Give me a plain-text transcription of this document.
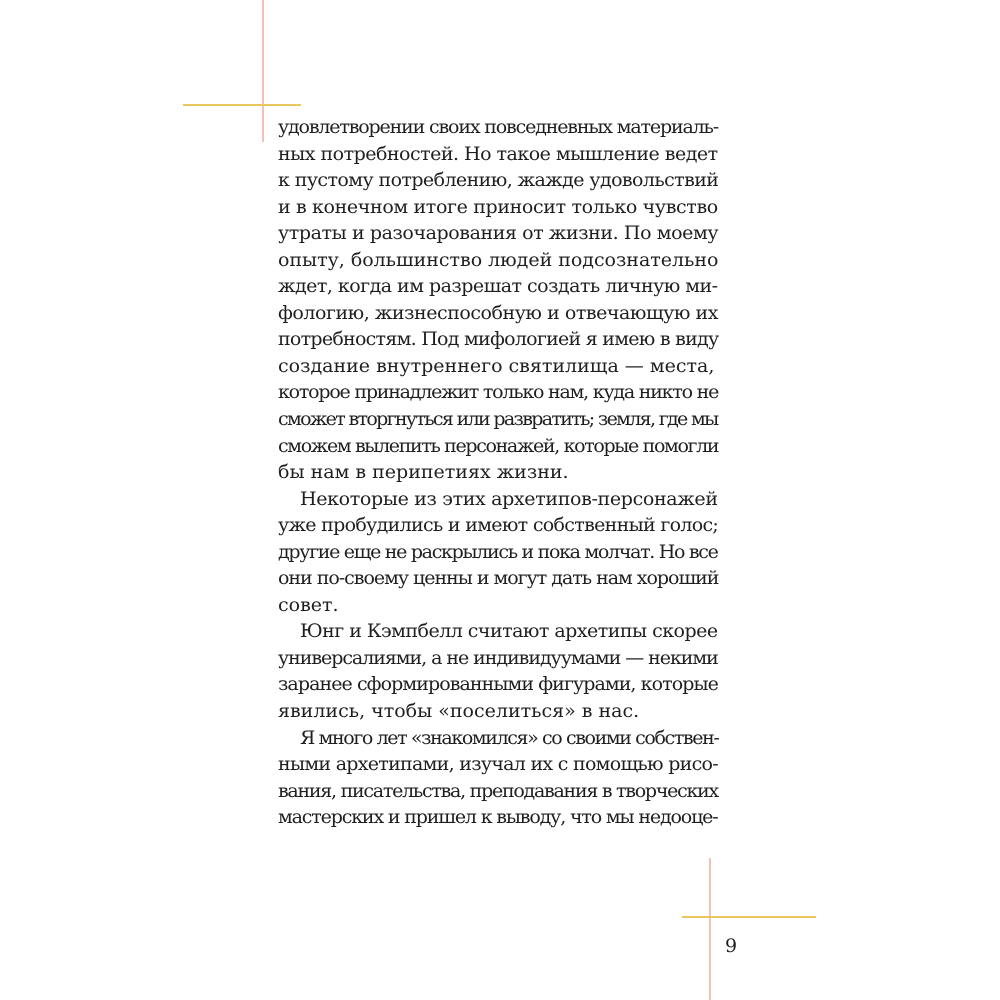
удовлетворении своих повседневных материаль-
ных потребностей. Но такое мышление ведет
к пустому потреблению, жажде удовольствий
и в конечном итоге приносит только чувство
утраты и разочарования от жизни. По моему
опыту, большинство людей подсознательно
ждет, когда им разрешат создать личную ми-
фологию, жизнеспособную и отвечающую их
потребностям. Под мифологией я имею в виду
создание внутреннего святилища — места,
которое принадлежит только нам, куда никто не
сможет вторгнуться или развратить; земля, где мы
сможем вылепить персонажей, которые помогли
бы нам в перипетиях жизни.
Некоторые из этих архетипов-персонажей
уже пробудились и имеют собственный голос;
другие еще не раскрылись и пока молчат. Но все
они по-своему ценны и могут дать нам хороший
совет.
Юнг и Кэмпбелл считают архетипы скорее
универсалиями, а не индивидуумами — некими
заранее сформированными фигурами, которые
явились, чтобы «поселиться» в нас.
Я много лет «знакомился» со своими собствен-
ными архетипами, изучал их с помощью рисо-
вания, писательства, преподавания в творческих
мастерских и пришел к выводу, что мы недооце-
9
